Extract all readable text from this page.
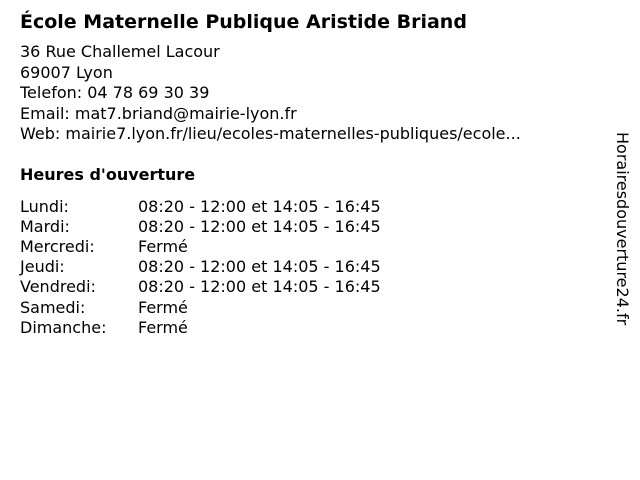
École Maternelle Publique Aristide Briand
36 Rue Challemel Lacour
69007 Lyon
Telefon: 04 78 69 30 39
Email: mat7.briand@mairie-lyon.fr
Web: mairie7.lyon.fr/lieu/ecoles-maternelles-publiques/ecole...
Heures d'ouverture
Lundi:	08:20 - 12:00 et 14:05 - 16:45
Mardi:	08:20 - 12:00 et 14:05 - 16:45
Mercredi:	Fermé
Jeudi:	08:20 - 12:00 et 14:05 - 16:45
Vendredi:	08:20 - 12:00 et 14:05 - 16:45
Samedi:	Fermé
Dimanche:	Fermé
Horairesdouverture24.fr
